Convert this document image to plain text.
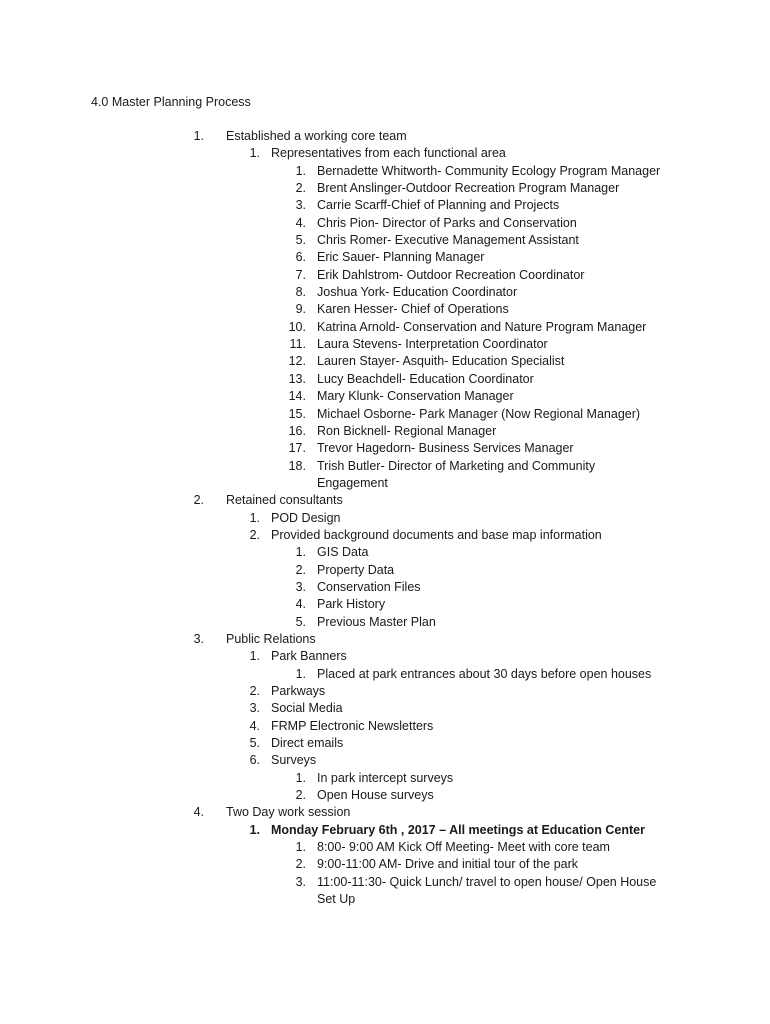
4.0 Master Planning Process
1. Established a working core team
1. Representatives from each functional area
1. Bernadette Whitworth- Community Ecology Program Manager
2. Brent Anslinger-Outdoor Recreation Program Manager
3. Carrie Scarff-Chief of Planning and Projects
4. Chris Pion- Director of Parks and Conservation
5. Chris Romer- Executive Management Assistant
6. Eric Sauer- Planning Manager
7. Erik Dahlstrom- Outdoor Recreation Coordinator
8. Joshua York- Education Coordinator
9. Karen Hesser- Chief of Operations
10. Katrina Arnold- Conservation and Nature Program Manager
11. Laura Stevens- Interpretation Coordinator
12. Lauren Stayer- Asquith- Education Specialist
13. Lucy Beachdell- Education Coordinator
14. Mary Klunk- Conservation Manager
15. Michael Osborne- Park Manager (Now Regional Manager)
16. Ron Bicknell- Regional Manager
17. Trevor Hagedorn- Business Services Manager
18. Trish Butler- Director of Marketing and Community
Engagement
2. Retained consultants
1. POD Design
2. Provided background documents and base map information
1. GIS Data
2. Property Data
3. Conservation Files
4. Park History
5. Previous Master Plan
3. Public Relations
1. Park Banners
1. Placed at park entrances about 30 days before open houses
2. Parkways
3. Social Media
4. FRMP Electronic Newsletters
5. Direct emails
6. Surveys
1. In park intercept surveys
2. Open House surveys
4. Two Day work session
1. Monday February 6th , 2017 – All meetings at Education Center
1. 8:00- 9:00 AM Kick Off Meeting- Meet with core team
2. 9:00-11:00 AM- Drive and initial tour of the park
3. 11:00-11:30- Quick Lunch/ travel to open house/ Open House
Set Up
